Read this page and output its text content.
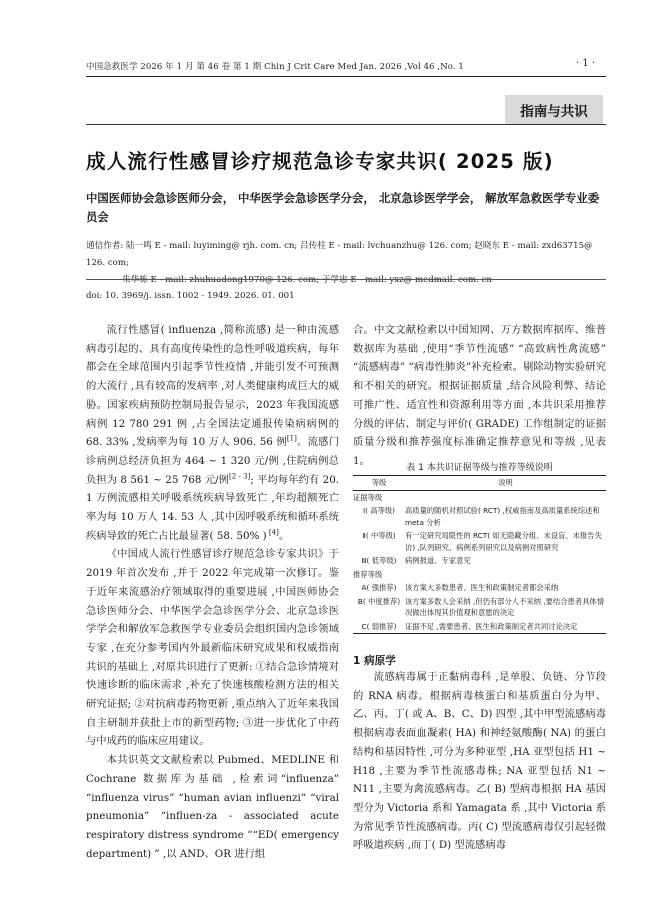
中国急救医学 2026 年 1 月 第 46 卷 第 1 期 Chin J Crit Care Med Jan. 2026 ,Vol 46 ,No. 1	· 1 ·
指南与共识
成人流行性感冒诊疗规范急诊专家共识( 2025 版)
中国医师协会急诊医师分会， 中华医学会急诊医学分会， 北京急诊医学学会， 解放军急救医学专业委员会
通信作者: 陆一鸣 E - mail: luyiming@ rjh. com. cn; 吕传柱 E - mail: lvchuanzhu@ 126. com; 赵晓东 E - mail: zxd63715@ 126. com;
朱华栋 E - mail: zhuhuadong1970@ 126. com; 于学忠 E - mail: yxz@ medmail. com. cn
doi: 10. 3969/j. issn. 1002 - 1949. 2026. 01. 001

流行性感冒( influenza ,简称流感) 是一种由流感病毒引起的、具有高度传染性的急性呼吸道疾病，每年都会在全球范围内引起季节性疫情 ,并能引发不可预测的大流行 ,具有较高的发病率 ,对人类健康构成巨大的威胁。国家疾病预防控制局报告显示，2023 年我国流感病例 12 780 291 例 ,占全国法定通报传染病病例的 68. 33% ,发病率为每 10 万人 906. 56 例[1]。流感门诊病例总经济负担为 464 ~ 1 320 元/例 ,住院病例总负担为 8 561 ~ 25 768 元/例[2 - 3]; 平均每年约有 20. 1 万例流感相关呼吸系统疾病导致死亡 ,年均超额死亡率为每 10 万人 14. 53 人 ,其中因呼吸系统和循环系统疾病导致的死亡占比最显著( 58. 50% ) [4]。

《中国成人流行性感冒诊疗规范急诊专家共识》于 2019 年首次发布 ,并于 2022 年完成第一次修订。鉴于近年来流感治疗领域取得的重要进展 ,中国医师协会急诊医师分会、中华医学会急诊医学分会、北京急诊医学学会和解放军急救医学专业委员会组织国内急诊领域专家 ,在充分参考国内外最新临床研究成果和权威指南共识的基础上 ,对原共识进行了更新: ①结合急诊情境对快速诊断的临床需求 ,补充了快速核酸检测方法的相关研究证据; ②对抗病毒药物更新 ,重点纳入了近年来我国自主研制并获批上市的新型药物; ③进一步优化了中药与中成药的临床应用建议。

本共识英文文献检索以 Pubmed、MEDLINE 和 Cochrane 数据库为基础 ,检索词“influenza” “influenza virus” “human avian influenzi” “viral pneumonia” “influen-za - associated acute respiratory distress syndrome ”“ED( emergency department) ” ,以 AND、OR 进行组

合。中文文献检索以中国知网、万方数据库据库、维普数据库为基础 ,使用“季节性流感” “高致病性禽流感” “流感病毒” “病毒性肺炎”补充检索。剔除动物实验研究和不相关的研究。根据证据质量 ,结合风险利弊、结论可推广性、适宜性和资源利用等方面 ,本共识采用推荐分级的评估、制定与评价( GRADE) 工作组制定的证据质量分级和推荐强度标准确定推荐意见和等级 ,见表 1。

表 1 本共识证据等级与推荐等级说明
等级	说明
证据等级	
Ⅰ( 高等级)	高质量的随机对照试验( RCT) ,权威指南及高质量系统综述和 meta 分析
Ⅱ( 中等级)	有一定研究局限性的 RCT( 如无隐藏分组、未设盲、未报告失访) ,队列研究、病例系列研究以及病例对照研究
Ⅲ( 低等级)	病例报道、专家意见
推荐等级	
A( 强推荐)	该方案大多数患者、医生和政策制定者都会采纳
B( 中度推荐)	该方案多数人会采纳 ,但仍有部分人不采纳 ,要结合患者具体情况做出体现其价值观和意愿的决定
C( 弱推荐)	证据不足 ,需要患者、医生和政策制定者共同讨论决定
1 病原学

流感病毒属于正黏病毒科 ,是单股、负链、分节段的 RNA 病毒。根据病毒核蛋白和基质蛋白分为甲、乙、丙、丁( 或 A、B、C、D) 四型 ,其中甲型流感病毒根据病毒表面血凝素( HA) 和神经氨酸酶( NA) 的蛋白结构和基因特性 ,可分为多种亚型 ,HA 亚型包括 H1 ~ H18 ,主要为季节性流感毒株; NA 亚型包括 N1 ~ N11 ,主要为禽流感病毒。乙( B) 型病毒根据 HA 基因型分为 Victoria 系和 Yamagata 系 ,其中 Victoria 系为常见季节性流感病毒。丙( C) 型流感病毒仅引起轻微呼吸道疾病 ,而丁( D) 型流感病毒
